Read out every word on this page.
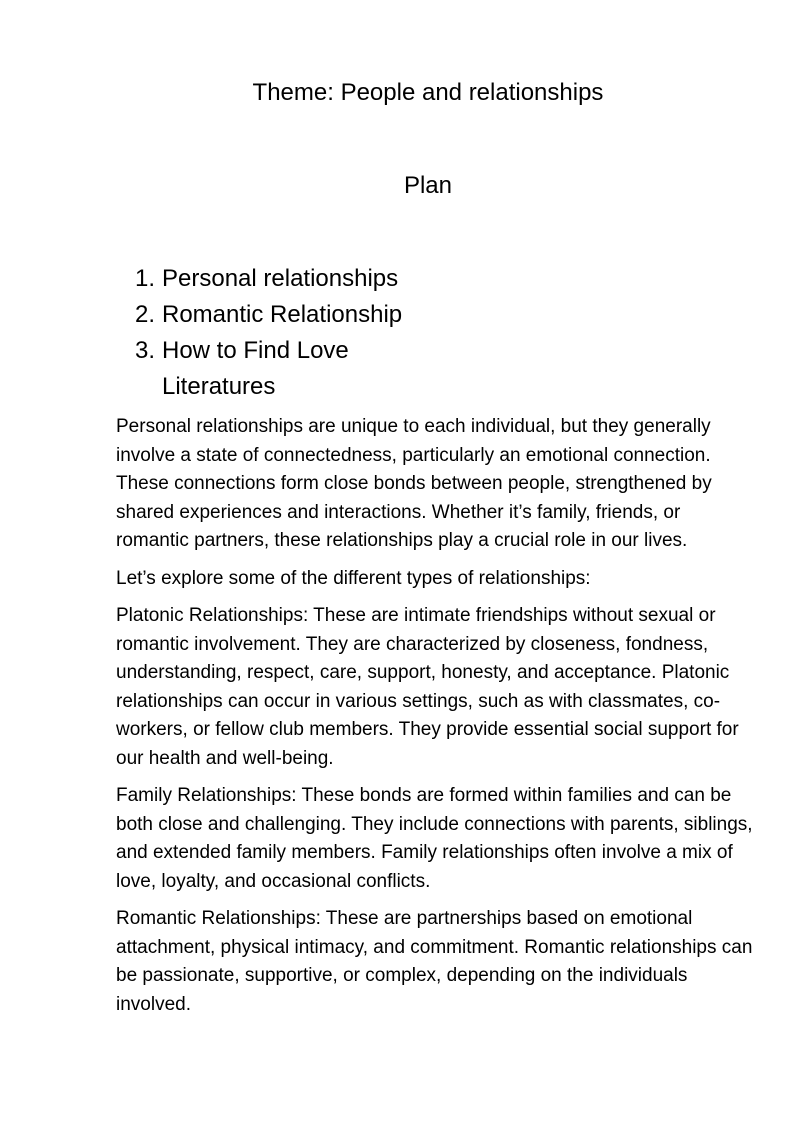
Theme: People and relationships
Plan
1. Personal relationships
2. Romantic Relationship
3. How to Find Love
Literatures

Personal relationships are unique to each individual, but they generally involve a state of connectedness, particularly an emotional connection. These connections form close bonds between people, strengthened by shared experiences and interactions. Whether it’s family, friends, or romantic partners, these relationships play a crucial role in our lives.

Let’s explore some of the different types of relationships:

Platonic Relationships: These are intimate friendships without sexual or romantic involvement. They are characterized by closeness, fondness, understanding, respect, care, support, honesty, and acceptance. Platonic relationships can occur in various settings, such as with classmates, co-workers, or fellow club members. They provide essential social support for our health and well-being.

Family Relationships: These bonds are formed within families and can be both close and challenging. They include connections with parents, siblings, and extended family members. Family relationships often involve a mix of love, loyalty, and occasional conflicts.

Romantic Relationships: These are partnerships based on emotional attachment, physical intimacy, and commitment. Romantic relationships can be passionate, supportive, or complex, depending on the individuals involved.
